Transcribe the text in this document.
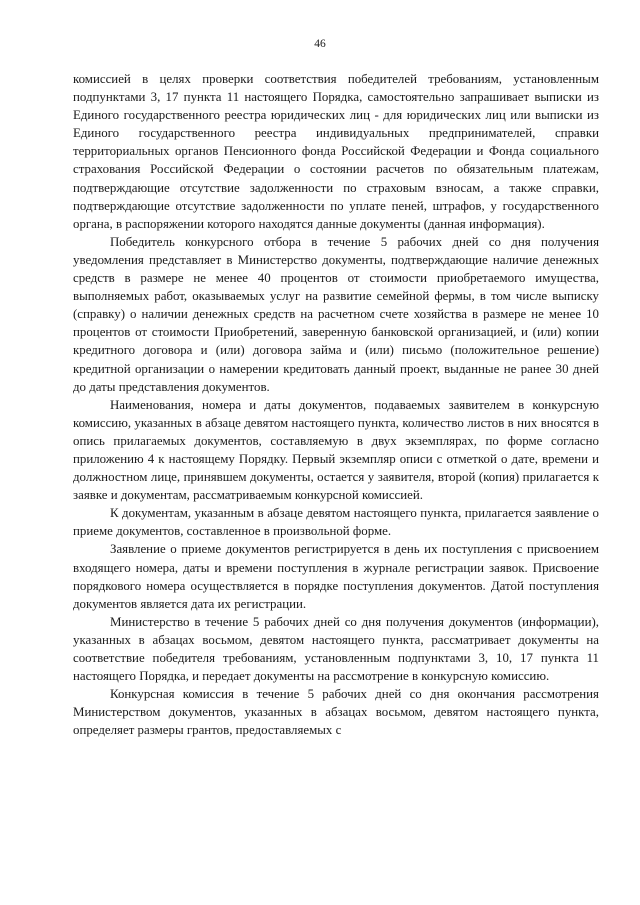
46

комиссией в целях проверки соответствия победителей требованиям, установленным подпунктами 3, 17 пункта 11 настоящего Порядка, самостоятельно запрашивает выписки из Единого государственного реестра юридических лиц - для юридических лиц или выписки из Единого государственного реестра индивидуальных предпринимателей, справки территориальных органов Пенсионного фонда Российской Федерации и Фонда социального страхования Российской Федерации о состоянии расчетов по обязательным платежам, подтверждающие отсутствие задолженности по страховым взносам, а также справки, подтверждающие отсутствие задолженности по уплате пеней, штрафов, у государственного органа, в распоряжении которого находятся данные документы (данная информация).

Победитель конкурсного отбора в течение 5 рабочих дней со дня получения уведомления представляет в Министерство документы, подтверждающие наличие денежных средств в размере не менее 40 процентов от стоимости приобретаемого имущества, выполняемых работ, оказываемых услуг на развитие семейной фермы, в том числе выписку (справку) о наличии денежных средств на расчетном счете хозяйства в размере не менее 10 процентов от стоимости Приобретений, заверенную банковской организацией, и (или) копии кредитного договора и (или) договора займа и (или) письмо (положительное решение) кредитной организации о намерении кредитовать данный проект, выданные не ранее 30 дней до даты представления документов.

Наименования, номера и даты документов, подаваемых заявителем в конкурсную комиссию, указанных в абзаце девятом настоящего пункта, количество листов в них вносятся в опись прилагаемых документов, составляемую в двух экземплярах, по форме согласно приложению 4 к настоящему Порядку. Первый экземпляр описи с отметкой о дате, времени и должностном лице, принявшем документы, остается у заявителя, второй (копия) прилагается к заявке и документам, рассматриваемым конкурсной комиссией.

К документам, указанным в абзаце девятом настоящего пункта, прилагается заявление о приеме документов, составленное в произвольной форме.

Заявление о приеме документов регистрируется в день их поступления с присвоением входящего номера, даты и времени поступления в журнале регистрации заявок. Присвоение порядкового номера осуществляется в порядке поступления документов. Датой поступления документов является дата их регистрации.

Министерство в течение 5 рабочих дней со дня получения документов (информации), указанных в абзацах восьмом, девятом настоящего пункта, рассматривает документы на соответствие победителя требованиям, установленным подпунктами 3, 10, 17 пункта 11 настоящего Порядка, и передает документы на рассмотрение в конкурсную комиссию.

Конкурсная комиссия в течение 5 рабочих дней со дня окончания рассмотрения Министерством документов, указанных в абзацах восьмом, девятом настоящего пункта, определяет размеры грантов, предоставляемых с
